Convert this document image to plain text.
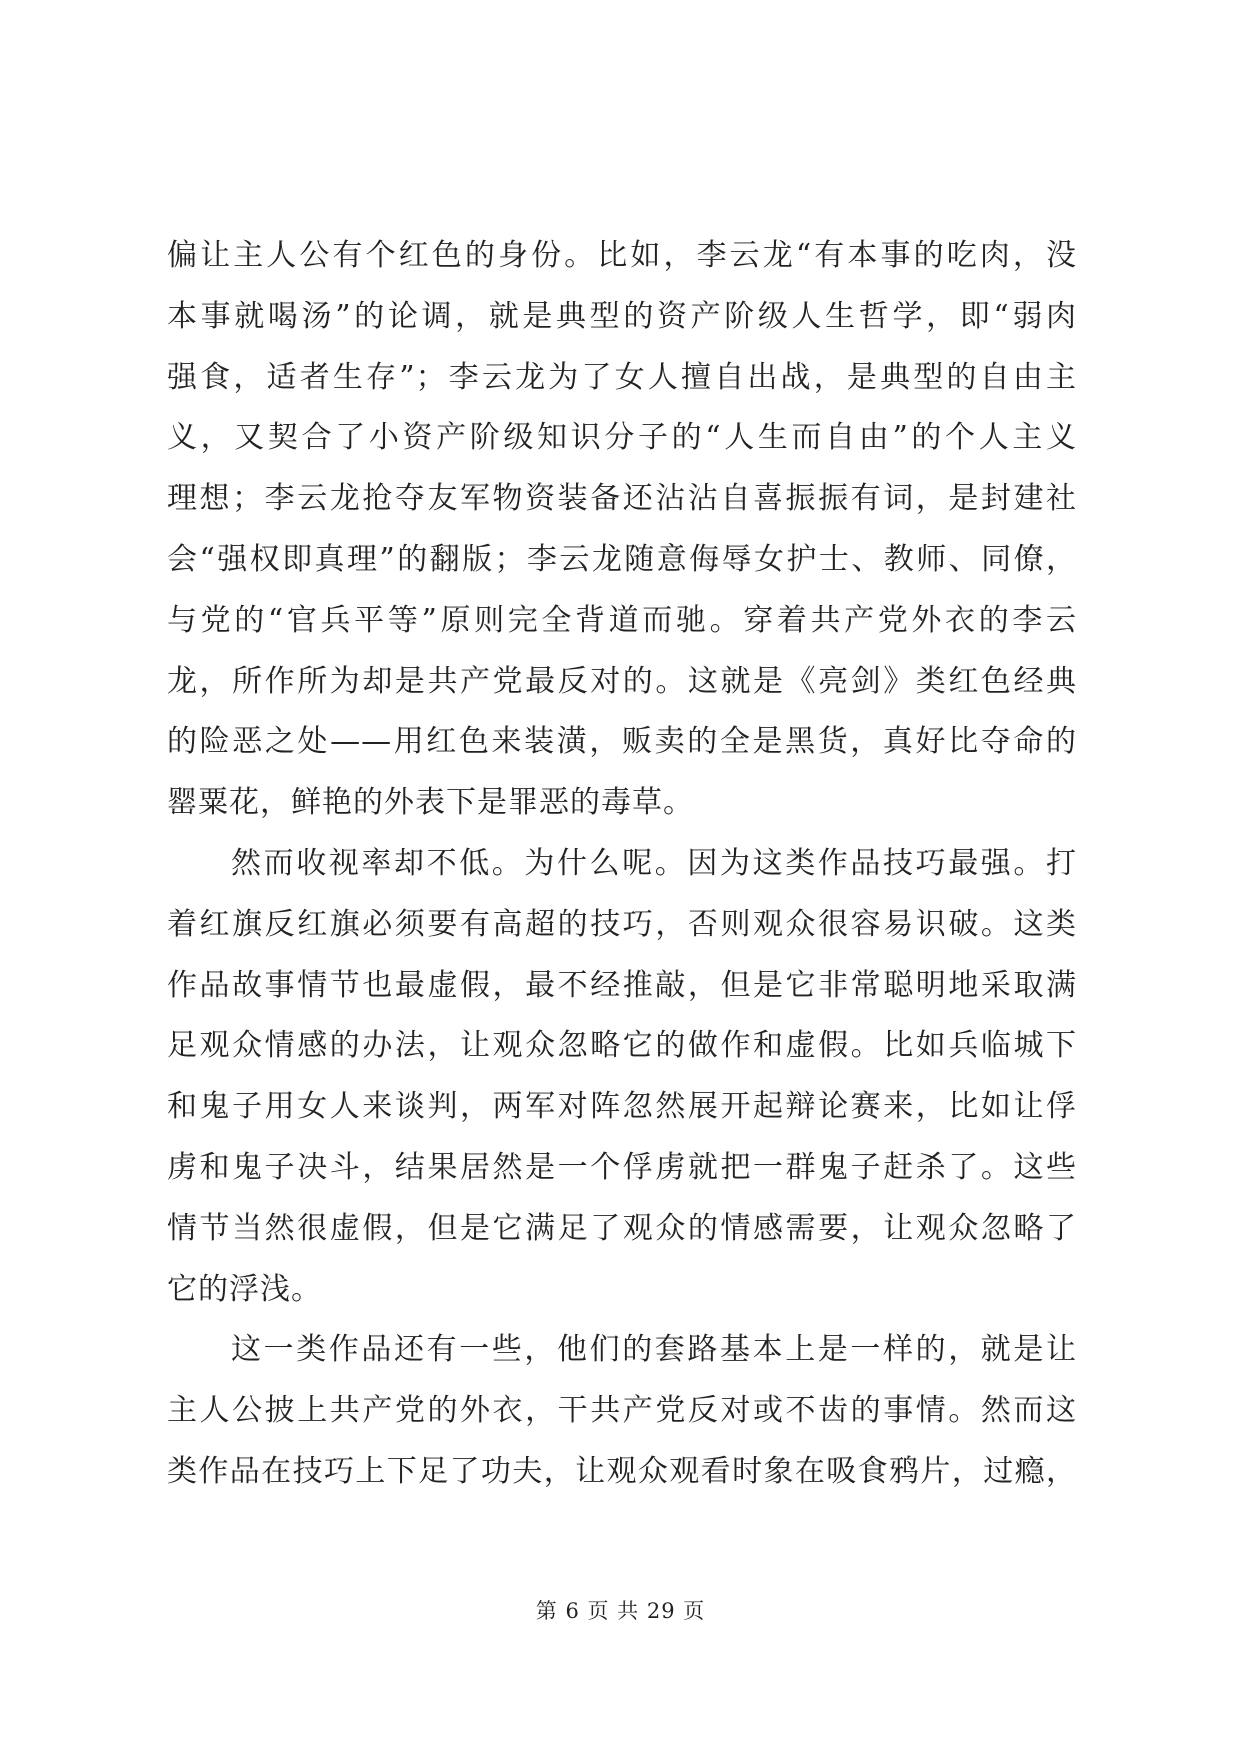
偏让主人公有个红色的身份。比如，李云龙“有本事的吃肉，没
本事就喝汤”的论调，就是典型的资产阶级人生哲学，即“弱肉
强食，适者生存”；李云龙为了女人擅自出战，是典型的自由主
义，又契合了小资产阶级知识分子的“人生而自由”的个人主义
理想；李云龙抢夺友军物资装备还沾沾自喜振振有词，是封建社
会“强权即真理”的翻版；李云龙随意侮辱女护士、教师、同僚，
与党的“官兵平等”原则完全背道而驰。穿着共产党外衣的李云
龙，所作所为却是共产党最反对的。这就是《亮剑》类红色经典
的险恶之处——用红色来装潢，贩卖的全是黑货，真好比夺命的
罂粟花，鲜艳的外表下是罪恶的毒草。
然而收视率却不低。为什么呢。因为这类作品技巧最强。打
着红旗反红旗必须要有高超的技巧，否则观众很容易识破。这类
作品故事情节也最虚假，最不经推敲，但是它非常聪明地采取满
足观众情感的办法，让观众忽略它的做作和虚假。比如兵临城下
和鬼子用女人来谈判，两军对阵忽然展开起辩论赛来，比如让俘
虏和鬼子决斗，结果居然是一个俘虏就把一群鬼子赶杀了。这些
情节当然很虚假，但是它满足了观众的情感需要，让观众忽略了
它的浮浅。
这一类作品还有一些，他们的套路基本上是一样的，就是让
主人公披上共产党的外衣，干共产党反对或不齿的事情。然而这
类作品在技巧上下足了功夫，让观众观看时象在吸食鸦片，过瘾，
第 6 页 共 29 页
